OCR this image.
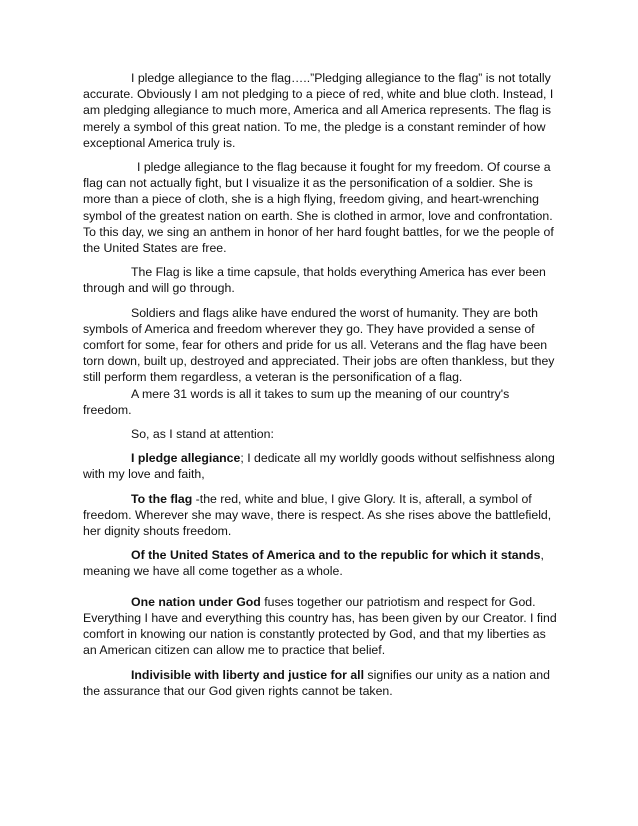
I pledge allegiance to the flag…..”Pledging allegiance to the flag” is not totally accurate. Obviously I am not pledging to a piece of red, white and blue cloth. Instead, I am pledging allegiance to much more, America and all America represents. The flag is merely a symbol of this great nation. To me, the pledge is a constant reminder of how exceptional America truly is.

I pledge allegiance to the flag because it fought for my freedom. Of course a flag can not actually fight, but I visualize it as the personification of a soldier. She is more than a piece of cloth, she is a high flying, freedom giving, and heart-wrenching symbol of the greatest nation on earth. She is clothed in armor, love and confrontation. To this day, we sing an anthem in honor of her hard fought battles, for we the people of the United States are free.

The Flag is like a time capsule, that holds everything America has ever been through and will go through.

Soldiers and flags alike have endured the worst of humanity. They are both symbols of America and freedom wherever they go. They have provided a sense of comfort for some, fear for others and pride for us all. Veterans and the flag have been torn down, built up, destroyed and appreciated. Their jobs are often thankless, but they still perform them regardless, a veteran is the personification of a flag.

A mere 31 words is all it takes to sum up the meaning of our country's freedom.

So, as I stand at attention:

I pledge allegiance; I dedicate all my worldly goods without selfishness along with my love and faith,

To the flag -the red, white and blue, I give Glory. It is, afterall, a symbol of freedom. Wherever she may wave, there is respect. As she rises above the battlefield, her dignity shouts freedom.

Of the United States of America and to the republic for which it stands, meaning we have all come together as a whole.

One nation under God fuses together our patriotism and respect for God. Everything I have and everything this country has, has been given by our Creator. I find comfort in knowing our nation is constantly protected by God, and that my liberties as an American citizen can allow me to practice that belief.

Indivisible with liberty and justice for all signifies our unity as a nation and the assurance that our God given rights cannot be taken.
